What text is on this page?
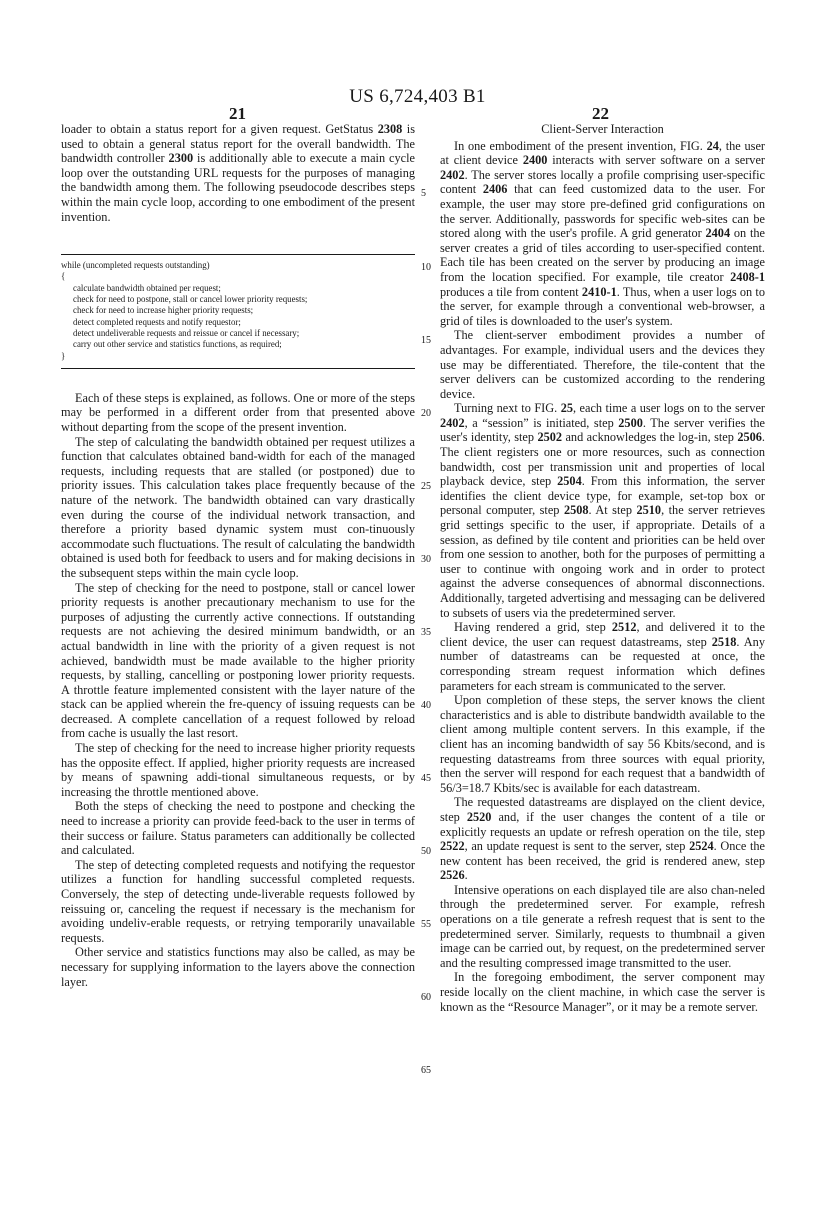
US 6,724,403 B1
21	22

loader to obtain a status report for a given request. GetStatus 2308 is used to obtain a general status report for the overall bandwidth. The bandwidth controller 2300 is additionally able to execute a main cycle loop over the outstanding URL requests for the purposes of managing the bandwidth among them. The following pseudocode describes steps within the main cycle loop, according to one embodiment of the present invention.

while (uncompleted requests outstanding)
{
calculate bandwidth obtained per request;
check for need to postpone, stall or cancel lower priority requests;
check for need to increase higher priority requests;
detect completed requests and notify requestor;
detect undeliverable requests and reissue or cancel if necessary;
carry out other service and statistics functions, as required;
}

Each of these steps is explained, as follows. One or more of the steps may be performed in a different order from that presented above without departing from the scope of the present invention.

The step of calculating the bandwidth obtained per request utilizes a function that calculates obtained band-width for each of the managed requests, including requests that are stalled (or postponed) due to priority issues. This calculation takes place frequently because of the nature of the network. The bandwidth obtained can vary drastically even during the course of the individual network transaction, and therefore a priority based dynamic system must con-tinuously accommodate such fluctuations. The result of calculating the bandwidth obtained is used both for feedback to users and for making decisions in the subsequent steps within the main cycle loop.

The step of checking for the need to postpone, stall or cancel lower priority requests is another precautionary mechanism to use for the purposes of adjusting the currently active connections. If outstanding requests are not achieving the desired minimum bandwidth, or an actual bandwidth in line with the priority of a given request is not achieved, bandwidth must be made available to the higher priority requests, by stalling, cancelling or postponing lower priority requests. A throttle feature implemented consistent with the layer nature of the stack can be applied wherein the fre-quency of issuing requests can be decreased. A complete cancellation of a request followed by reload from cache is usually the last resort.

The step of checking for the need to increase higher priority requests has the opposite effect. If applied, higher priority requests are increased by means of spawning addi-tional simultaneous requests, or by increasing the throttle mentioned above.

Both the steps of checking the need to postpone and checking the need to increase a priority can provide feed-back to the user in terms of their success or failure. Status parameters can additionally be collected and calculated.

The step of detecting completed requests and notifying the requestor utilizes a function for handling successful completed requests. Conversely, the step of detecting unde-liverable requests followed by reissuing or, canceling the request if necessary is the mechanism for avoiding undeliv-erable requests, or retrying temporarily unavailable requests.

Other service and statistics functions may also be called, as may be necessary for supplying information to the layers above the connection layer.

5
10
15
20
25
30
35
40
45
50
55
60
65

Client-Server Interaction

In one embodiment of the present invention, FIG. 24, the user at client device 2400 interacts with server software on a server 2402. The server stores locally a profile comprising user-specific content 2406 that can feed customized data to the user. For example, the user may store pre-defined grid configurations on the server. Additionally, passwords for specific web-sites can be stored along with the user's profile. A grid generator 2404 on the server creates a grid of tiles according to user-specified content. Each tile has been created on the server by producing an image from the location specified. For example, tile creator 2408-1 produces a tile from content 2410-1. Thus, when a user logs on to the server, for example through a conventional web-browser, a grid of tiles is downloaded to the user's system.

The client-server embodiment provides a number of advantages. For example, individual users and the devices they use may be differentiated. Therefore, the tile-content that the server delivers can be customized according to the rendering device.

Turning next to FIG. 25, each time a user logs on to the server 2402, a “session” is initiated, step 2500. The server verifies the user's identity, step 2502 and acknowledges the log-in, step 2506. The client registers one or more resources, such as connection bandwidth, cost per transmission unit and properties of local playback device, step 2504. From this information, the server identifies the client device type, for example, set-top box or personal computer, step 2508. At step 2510, the server retrieves grid settings specific to the user, if appropriate. Details of a session, as defined by tile content and priorities can be held over from one session to another, both for the purposes of permitting a user to continue with ongoing work and in order to protect against the adverse consequences of abnormal disconnections. Additionally, targeted advertising and messaging can be delivered to subsets of users via the predetermined server.

Having rendered a grid, step 2512, and delivered it to the client device, the user can request datastreams, step 2518. Any number of datastreams can be requested at once, the corresponding stream request information which defines parameters for each stream is communicated to the server.

Upon completion of these steps, the server knows the client characteristics and is able to distribute bandwidth available to the client among multiple content servers. In this example, if the client has an incoming bandwidth of say 56 Kbits/second, and is requesting datastreams from three sources with equal priority, then the server will respond for each request that a bandwidth of 56/3=18.7 Kbits/sec is available for each datastream.

The requested datastreams are displayed on the client device, step 2520 and, if the user changes the content of a tile or explicitly requests an update or refresh operation on the tile, step 2522, an update request is sent to the server, step 2524. Once the new content has been received, the grid is rendered anew, step 2526.

Intensive operations on each displayed tile are also chan-neled through the predetermined server. For example, refresh operations on a tile generate a refresh request that is sent to the predetermined server. Similarly, requests to thumbnail a given image can be carried out, by request, on the predetermined server and the resulting compressed image transmitted to the user.

In the foregoing embodiment, the server component may reside locally on the client machine, in which case the server is known as the “Resource Manager”, or it may be a remote server.
